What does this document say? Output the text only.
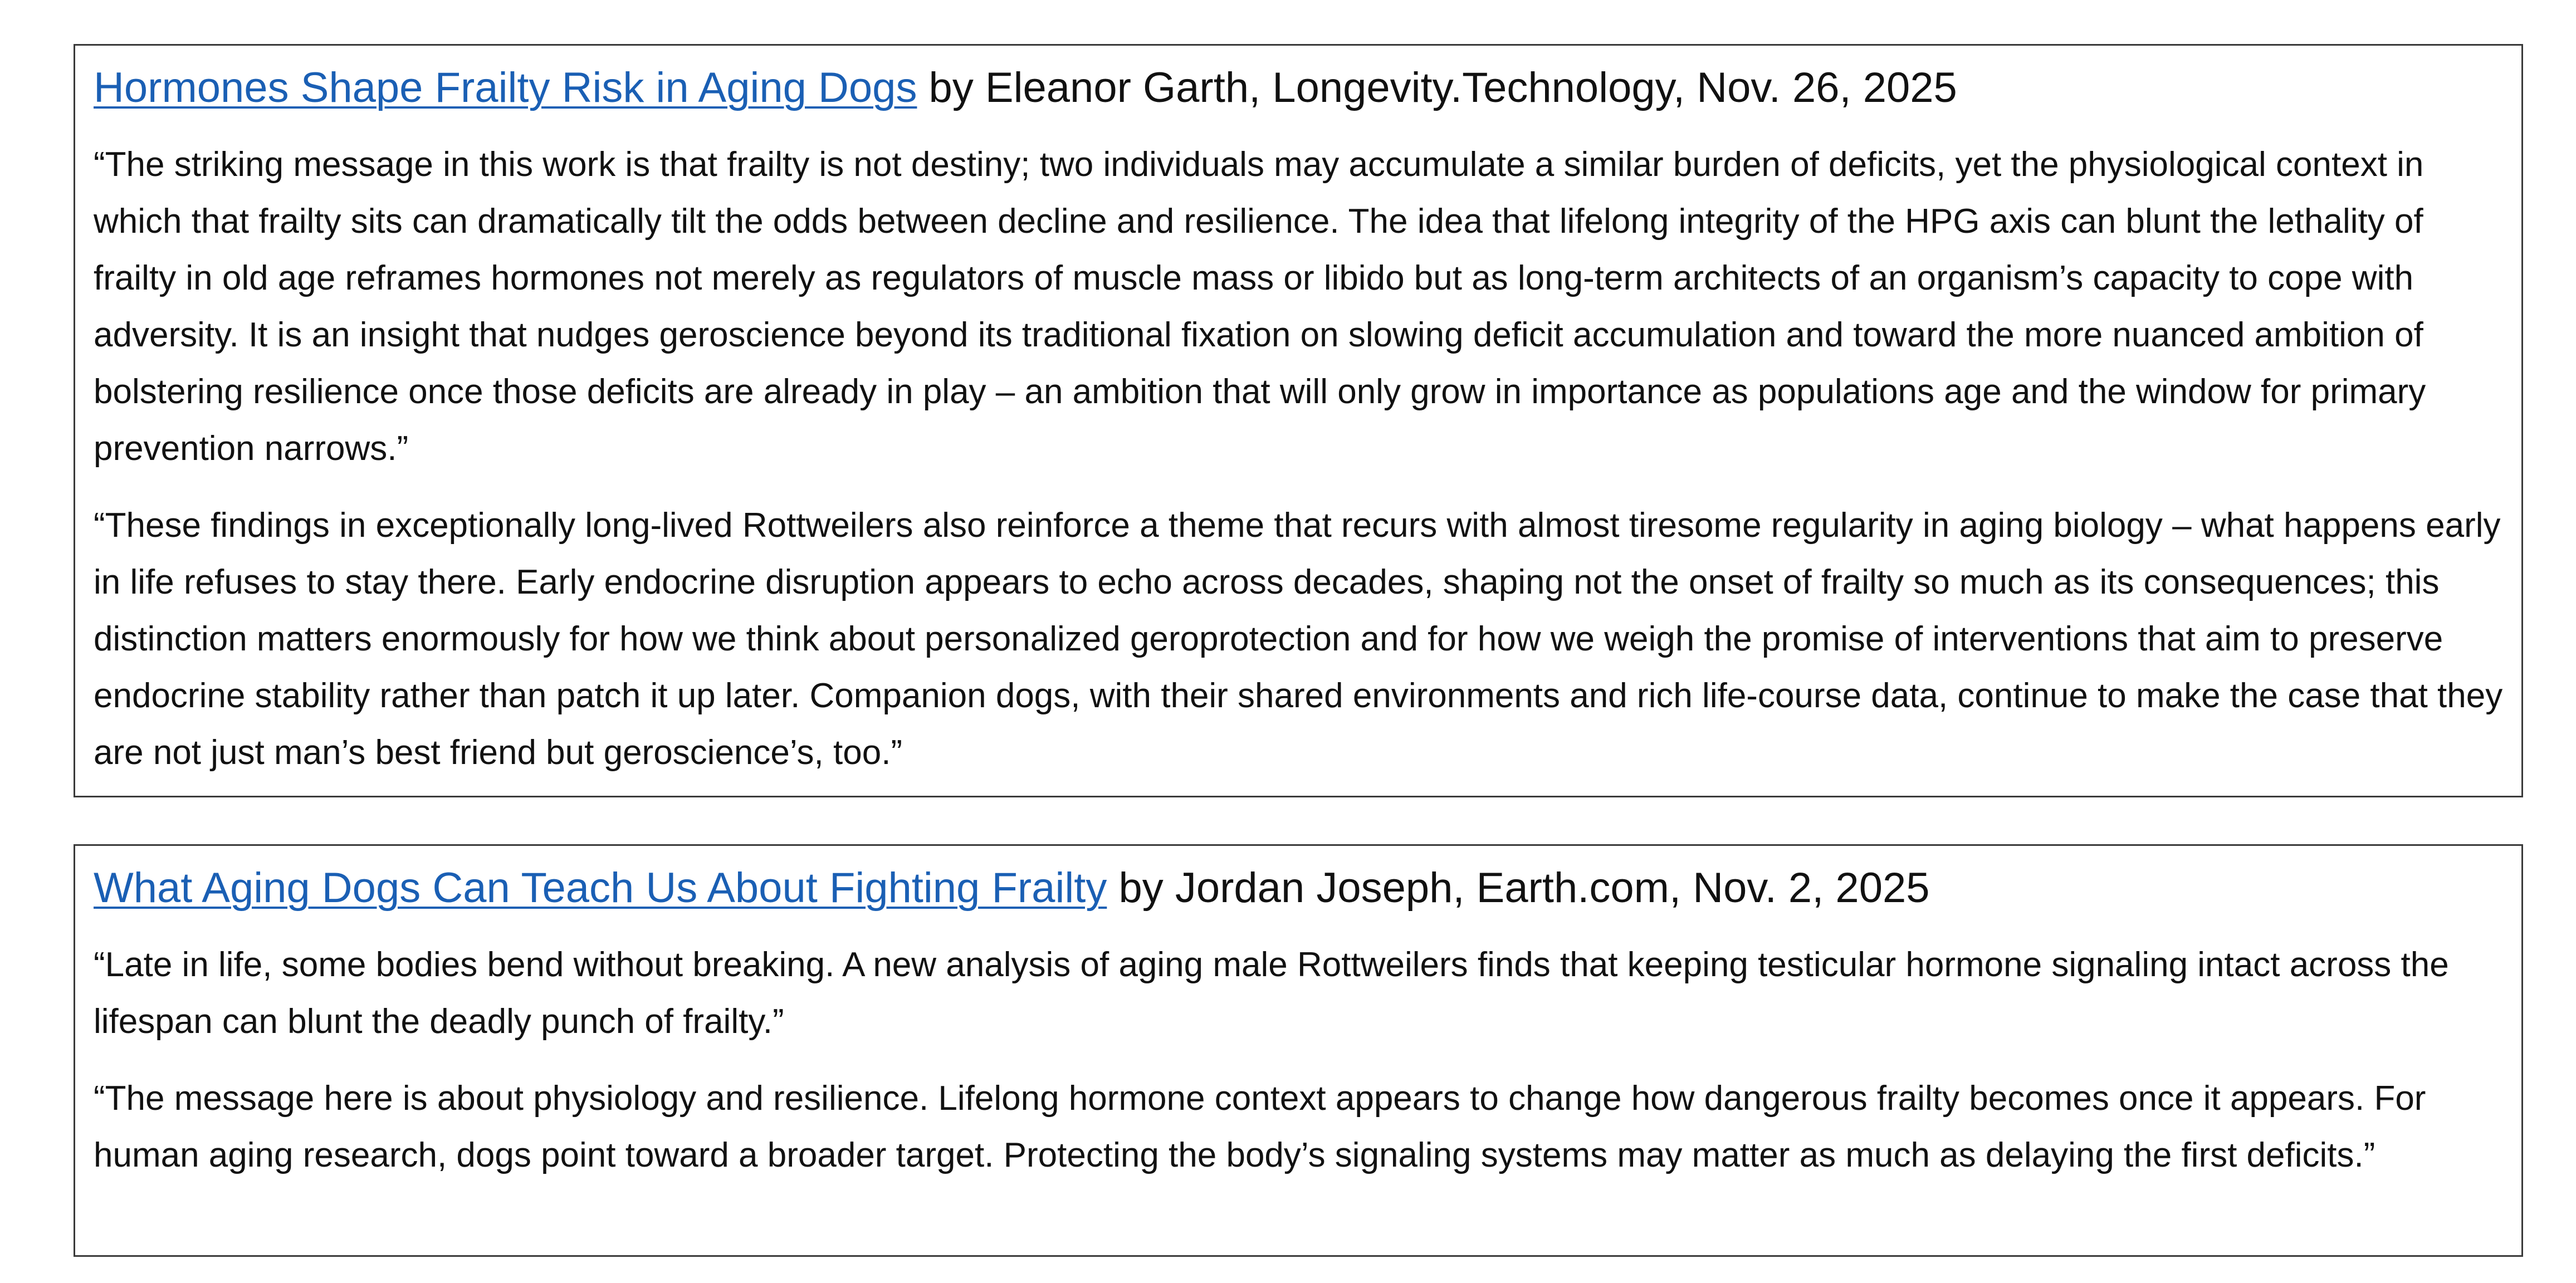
Hormones Shape Frailty Risk in Aging Dogs by Eleanor Garth, Longevity.Technology, Nov. 26, 2025

“The striking message in this work is that frailty is not destiny; two individuals may accumulate a similar burden of deficits, yet the physiological context in which that frailty sits can dramatically tilt the odds between decline and resilience. The idea that lifelong integrity of the HPG axis can blunt the lethality of frailty in old age reframes hormones not merely as regulators of muscle mass or libido but as long-term architects of an organism’s capacity to cope with adversity. It is an insight that nudges geroscience beyond its traditional fixation on slowing deficit accumulation and toward the more nuanced ambition of bolstering resilience once those deficits are already in play – an ambition that will only grow in importance as populations age and the window for primary prevention narrows.”

“These findings in exceptionally long-lived Rottweilers also reinforce a theme that recurs with almost tiresome regularity in aging biology – what happens early in life refuses to stay there. Early endocrine disruption appears to echo across decades, shaping not the onset of frailty so much as its consequences; this distinction matters enormously for how we think about personalized geroprotection and for how we weigh the promise of interventions that aim to preserve endocrine stability rather than patch it up later. Companion dogs, with their shared environments and rich life-course data, continue to make the case that they are not just man’s best friend but geroscience’s, too.”

What Aging Dogs Can Teach Us About Fighting Frailty by Jordan Joseph, Earth.com, Nov. 2, 2025

“Late in life, some bodies bend without breaking. A new analysis of aging male Rottweilers finds that keeping testicular hormone signaling intact across the lifespan can blunt the deadly punch of frailty.”

“The message here is about physiology and resilience. Lifelong hormone context appears to change how dangerous frailty becomes once it appears. For human aging research, dogs point toward a broader target. Protecting the body’s signaling systems may matter as much as delaying the first deficits.”
